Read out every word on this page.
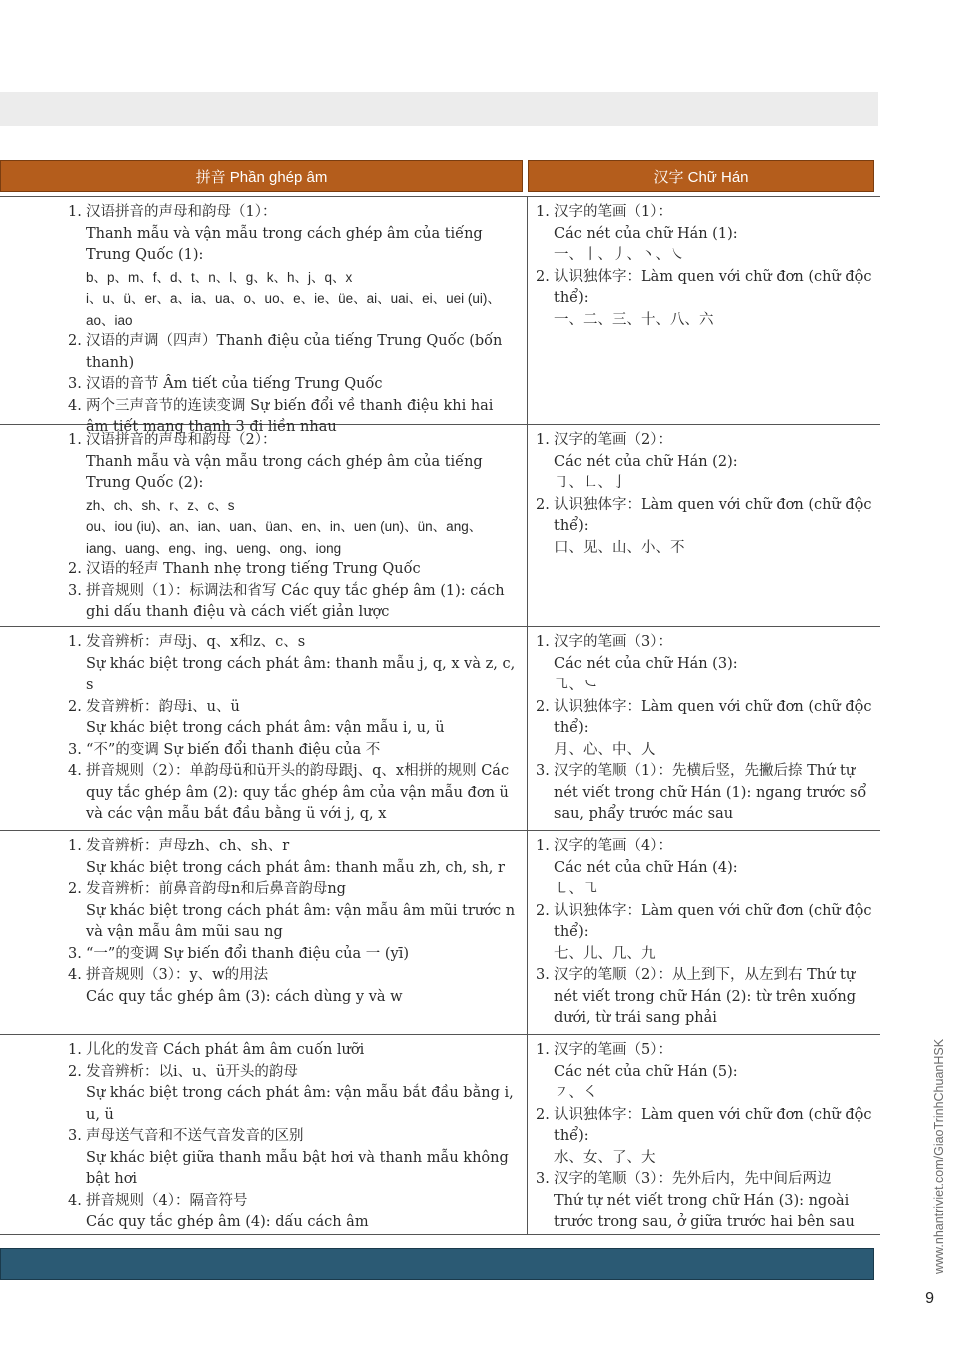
拼音 Phần ghép âm	汉字 Chữ Hán
1. 汉语拼音的声母和韵母（1）：
Thanh mẫu và vận mẫu trong cách ghép âm của tiếng Trung Quốc (1):
b、p、m、f、d、t、n、l、g、k、h、j、q、x
i、u、ü、er、a、ia、ua、o、uo、e、ie、üe、ai、uai、ei、uei (ui)、ao、iao
2. 汉语的声调（四声）Thanh điệu của tiếng Trung Quốc (bốn thanh)
3. 汉语的音节 Âm tiết của tiếng Trung Quốc
4. 两个三声音节的连读变调 Sự biến đổi về thanh điệu khi hai âm tiết mang thanh 3 đi liền nhau
1. 汉字的笔画（1）：
Các nét của chữ Hán (1):
一、丨、丿、丶、㇏
2. 认识独体字：Làm quen với chữ đơn (chữ độc thể):
一、二、三、十、八、六
1. 汉语拼音的声母和韵母（2）：
Thanh mẫu và vận mẫu trong cách ghép âm của tiếng Trung Quốc (2):
zh、ch、sh、r、z、c、s
ou、iou (iu)、an、ian、uan、üan、en、in、uen (un)、ün、ang、iang、uang、eng、ing、ueng、ong、iong
2. 汉语的轻声 Thanh nhẹ trong tiếng Trung Quốc
3. 拼音规则（1）：标调法和省写 Các quy tắc ghép âm (1): cách ghi dấu thanh điệu và cách viết giản lược
1. 汉字的笔画（2）：
Các nét của chữ Hán (2):
㇆、㇗、亅
2. 认识独体字：Làm quen với chữ đơn (chữ độc thể):
口、见、山、小、不
1. 发音辨析：声母j、q、x和z、c、s
Sự khác biệt trong cách phát âm: thanh mẫu j, q, x và z, c, s
2. 发音辨析：韵母i、u、ü
Sự khác biệt trong cách phát âm: vận mẫu i, u, ü
3. “不”的变调 Sự biến đổi thanh điệu của 不
4. 拼音规则（2）：单韵母ü和ü开头的韵母跟j、q、x相拼的规则 Các quy tắc ghép âm (2): quy tắc ghép âm của vận mẫu đơn ü và các vận mẫu bắt đầu bằng ü với j, q, x
1. 汉字的笔画（3）：
Các nét của chữ Hán (3):
㇈、㇃
2. 认识独体字：Làm quen với chữ đơn (chữ độc thể):
月、心、中、人
3. 汉字的笔顺（1）：先横后竖，先撇后捺 Thứ tự nét viết trong chữ Hán (1): ngang trước sổ sau, phẩy trước mác sau
1. 发音辨析：声母zh、ch、sh、r
Sự khác biệt trong cách phát âm: thanh mẫu zh, ch, sh, r
2. 发音辨析：前鼻音韵母n和后鼻音韵母ng
Sự khác biệt trong cách phát âm: vận mẫu âm mũi trước n và vận mẫu âm mũi sau ng
3. “一”的变调 Sự biến đổi thanh điệu của 一 (yī)
4. 拼音规则（3）：y、w的用法
Các quy tắc ghép âm (3): cách dùng y và w
1. 汉字的笔画（4）：
Các nét của chữ Hán (4):
㇄、㇈
2. 认识独体字：Làm quen với chữ đơn (chữ độc thể):
七、儿、几、九
3. 汉字的笔顺（2）：从上到下，从左到右 Thứ tự nét viết trong chữ Hán (2): từ trên xuống dưới, từ trái sang phải
1. 儿化的发音 Cách phát âm âm cuốn lưỡi
2. 发音辨析：以i、u、ü开头的韵母
Sự khác biệt trong cách phát âm: vận mẫu bắt đầu bằng i, u, ü
3. 声母送气音和不送气音发音的区别
Sự khác biệt giữa thanh mẫu bật hơi và thanh mẫu không bật hơi
4. 拼音规则（4）：隔音符号
Các quy tắc ghép âm (4): dấu cách âm
1. 汉字的笔画（5）：
Các nét của chữ Hán (5):
㇇、㇛
2. 认识独体字：Làm quen với chữ đơn (chữ độc thể):
水、女、了、大
3. 汉字的笔顺（3）：先外后内，先中间后两边
Thứ tự nét viết trong chữ Hán (3): ngoài trước trong sau, ở giữa trước hai bên sau	www.nhantriviet.com/GiaoTrinhChuanHSK
9
